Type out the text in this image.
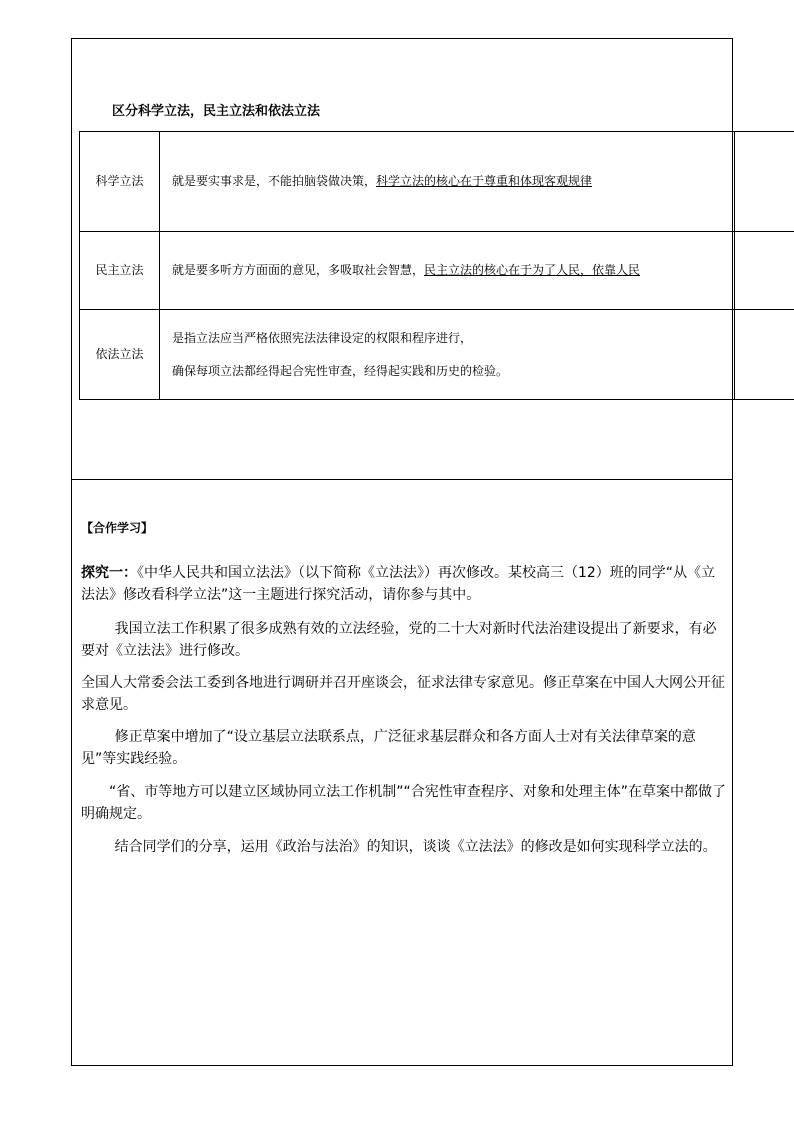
区分科学立法，民主立法和依法立法
科学立法	就是要实事求是，不能拍脑袋做决策，科学立法的核心在于尊重和体现客观规律	
民主立法	就是要多听方方面面的意见，多吸取社会智慧，民主立法的核心在于为了人民，依靠人民	
依法立法	是指立法应当严格依照宪法法律设定的权限和程序进行，
确保每项立法都经得起合宪性审查，经得起实践和历史的检验。	

【合作学习】
探究一：《中华人民共和国立法法》（以下简称《立法法》）再次修改。某校高三（12）班的同学“从《立法法》修改看科学立法”这一主题进行探究活动，请你参与其中。
我国立法工作积累了很多成熟有效的立法经验，党的二十大对新时代法治建设提出了新要求，有必要对《立法法》进行修改。
全国人大常委会法工委到各地进行调研并召开座谈会，征求法律专家意见。修正草案在中国人大网公开征求意见。
修正草案中增加了“设立基层立法联系点，广泛征求基层群众和各方面人士对有关法律草案的意见”等实践经验。
“省、市等地方可以建立区域协同立法工作机制”“合宪性审查程序、对象和处理主体”在草案中都做了明确规定。
结合同学们的分享，运用《政治与法治》的知识，谈谈《立法法》的修改是如何实现科学立法的。
